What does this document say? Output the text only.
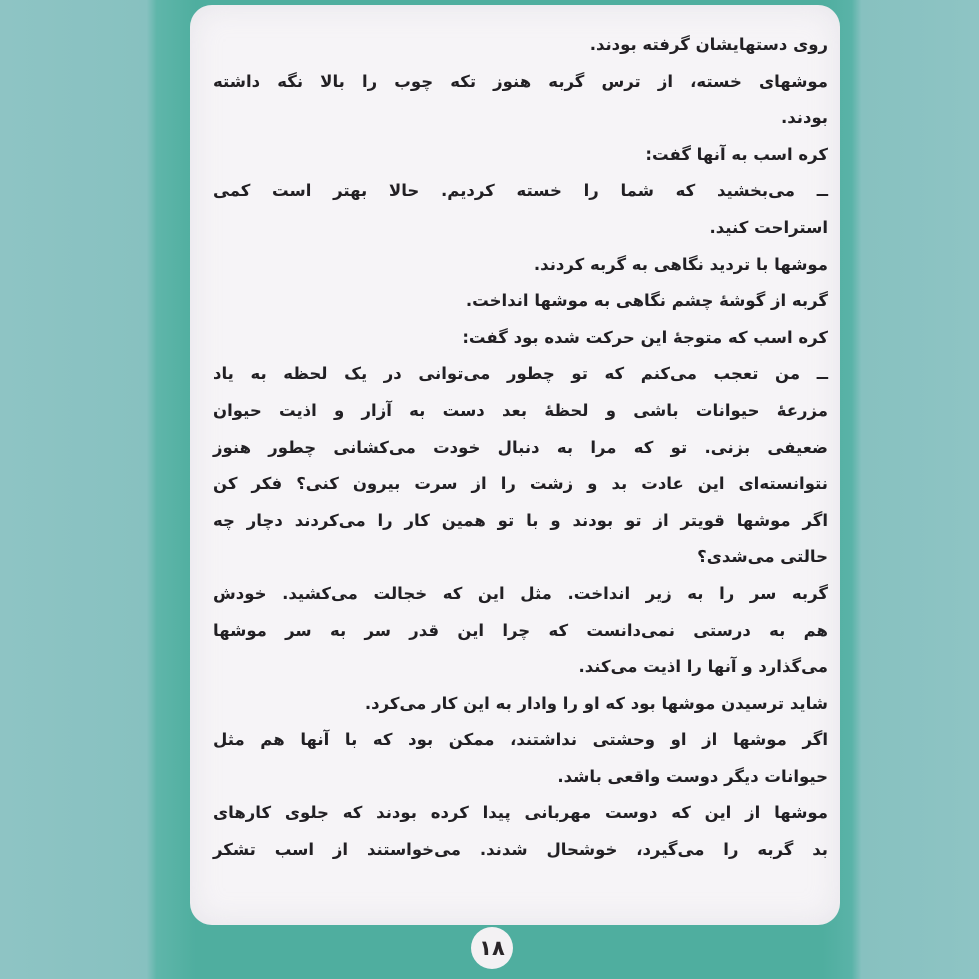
روی دستهایشان گرفته بودند.
موشهای خسته، از ترس گربه هنوز تکه چوب را بالا نگه داشته
بودند.
کره اسب به آنها گفت:
ــ می‌بخشید که شما را خسته کردیم. حالا بهتر است کمی
استراحت کنید.
موشها با تردید نگاهی به گربه کردند.
گربه از گوشهٔ چشم نگاهی به موشها انداخت.
کره اسب که متوجهٔ این حرکت شده بود گفت:
ــ من تعجب می‌کنم که تو چطور می‌توانی در یک لحظه به یاد
مزرعهٔ حیوانات باشی و لحظهٔ بعد دست به آزار و اذیت حیوان
ضعیفی بزنی. تو که مرا به دنبال خودت می‌کشانی چطور هنوز
نتوانسته‌ای این عادت بد و زشت را از سرت بیرون کنی؟ فکر کن
اگر موشها قویتر از تو بودند و با تو همین کار را می‌کردند دچار چه
حالتی می‌شدی؟
گربه سر را به زیر انداخت. مثل این که خجالت می‌کشید. خودش
هم به درستی نمی‌دانست که چرا این قدر سر به سر موشها
می‌گذارد و آنها را اذیت می‌کند.
شاید ترسیدن موشها بود که او را وادار به این کار می‌کرد.
اگر موشها از او وحشتی نداشتند، ممکن بود که با آنها هم مثل
حیوانات دیگر دوست واقعی باشد.
موشها از این که دوست مهربانی پیدا کرده بودند که جلوی کارهای
بد گربه را می‌گیرد، خوشحال شدند. می‌خواستند از اسب تشکر
۱۸
